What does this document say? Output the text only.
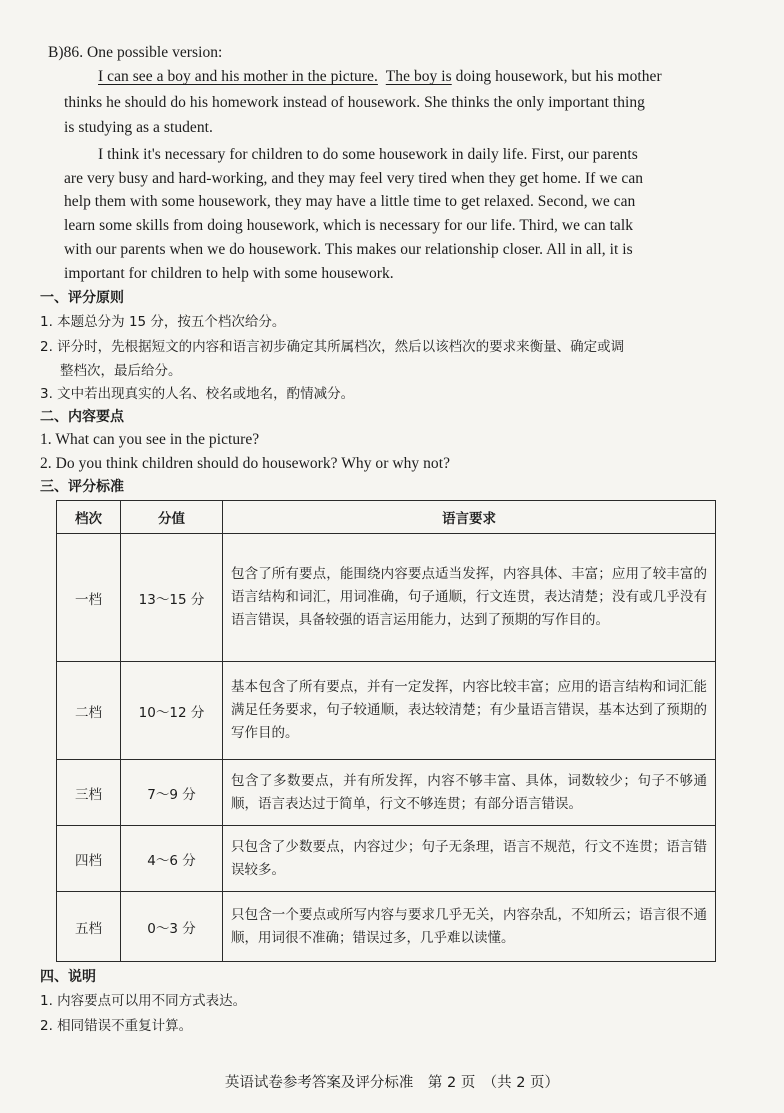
B)86. One possible version:
I can see a boy and his mother in the picture. The boy is doing housework, but his mother
thinks he should do his homework instead of housework. She thinks the only important thing
is studying as a student.
I think it's necessary for children to do some housework in daily life. First, our parents
are very busy and hard-working, and they may feel very tired when they get home. If we can
help them with some housework, they may have a little time to get relaxed. Second, we can
learn some skills from doing housework, which is necessary for our life. Third, we can talk
with our parents when we do housework. This makes our relationship closer. All in all, it is
important for children to help with some housework.
一、评分原则
1. 本题总分为 15 分，按五个档次给分。
2. 评分时，先根据短文的内容和语言初步确定其所属档次，然后以该档次的要求来衡量、确定或调
整档次，最后给分。
3. 文中若出现真实的人名、校名或地名，酌情减分。
二、内容要点
1. What can you see in the picture?
2. Do you think children should do housework? Why or why not?
三、评分标准
档次	分值	语言要求
一档	13～15 分	包含了所有要点，能围绕内容要点适当发挥，内容具体、丰富；应用了较丰富的语言结构和词汇，用词准确，句子通顺，行文连贯，表达清楚；没有或几乎没有语言错误，具备较强的语言运用能力，达到了预期的写作目的。
二档	10～12 分	基本包含了所有要点，并有一定发挥，内容比较丰富；应用的语言结构和词汇能满足任务要求，句子较通顺，表达较清楚；有少量语言错误，基本达到了预期的写作目的。
三档	7～9 分	包含了多数要点，并有所发挥，内容不够丰富、具体，词数较少；句子不够通顺，语言表达过于简单，行文不够连贯；有部分语言错误。
四档	4～6 分	只包含了少数要点，内容过少；句子无条理，语言不规范，行文不连贯；语言错误较多。
五档	0～3 分	只包含一个要点或所写内容与要求几乎无关，内容杂乱，不知所云；语言很不通顺，用词很不准确；错误过多，几乎难以读懂。
四、说明
1. 内容要点可以用不同方式表达。
2. 相同错误不重复计算。
英语试卷参考答案及评分标准　第 2 页　（共 2 页）
